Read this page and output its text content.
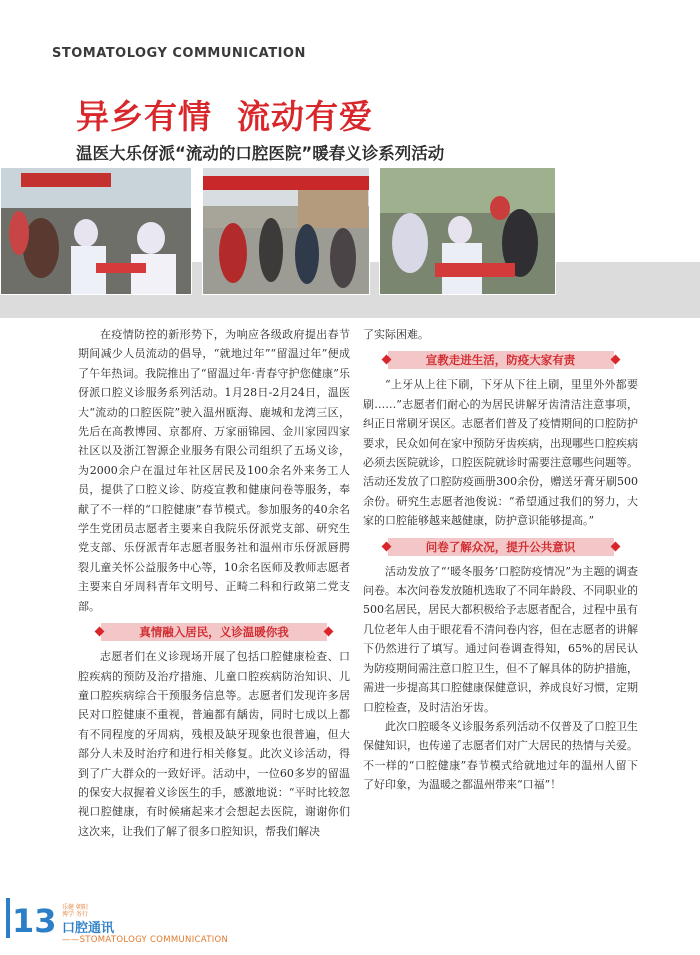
STOMATOLOGY COMMUNICATION
异乡有情  流动有爱
温医大乐伢派“流动的口腔医院”暖春义诊系列活动

在疫情防控的新形势下，为响应各级政府提出春节期间减少人员流动的倡导，“就地过年”“留温过年”便成了午年热词。我院推出了“留温过年·青春守护您健康”乐伢派口腔义诊服务系列活动。1月28日-2月24日，温医大“流动的口腔医院”驶入温州瓯海、鹿城和龙湾三区，先后在高教博园、京都府、万家丽锦园、金川家园四家社区以及浙江智源企业服务有限公司组织了五场义诊，为2000余户在温过年社区居民及100余名外来务工人员，提供了口腔义诊、防疫宣教和健康问卷等服务，奉献了不一样的“口腔健康”春节模式。参加服务的40余名学生党团员志愿者主要来自我院乐伢派党支部、研究生党支部、乐伢派青年志愿者服务社和温州市乐伢派唇腭裂儿童关怀公益服务中心等，10余名医师及教师志愿者主要来自牙周科青年文明号、正畸二科和行政第二党支部。

真情融入居民，义诊温暖你我

志愿者们在义诊现场开展了包括口腔健康检查、口腔疾病的预防及治疗措施、儿童口腔疾病防治知识、儿童口腔疾病综合干预服务信息等。志愿者们发现许多居民对口腔健康不重视，普遍都有龋齿，同时七成以上都有不同程度的牙周病，残根及缺牙现象也很普遍，但大部分人未及时治疗和进行相关修复。此次义诊活动，得到了广大群众的一致好评。活动中，一位60多岁的留温的保安大叔握着义诊医生的手，感激地说：“平时比较忽视口腔健康，有时候痛起来才会想起去医院，谢谢你们这次来，让我们了解了很多口腔知识，帮我们解决

了实际困难。

宣教走进生活，防疫大家有责

“上牙从上往下刷，下牙从下往上刷，里里外外都要刷……”志愿者们耐心的为居民讲解牙齿清洁注意事项，纠正日常刷牙误区。志愿者们普及了疫情期间的口腔防护要求，民众如何在家中预防牙齿疾病，出现哪些口腔疾病必须去医院就诊，口腔医院就诊时需要注意哪些问题等。活动还发放了口腔防疫画册300余份，赠送牙膏牙刷500余份。研究生志愿者池俊说：“希望通过我们的努力，大家的口腔能够越来越健康，防护意识能够提高。”

问卷了解众况，提升公共意识

活动发放了“‘暖冬服务’口腔防疫情况”为主题的调查问卷。本次问卷发放随机选取了不同年龄段、不同职业的500名居民，居民大都积极给予志愿者配合，过程中虽有几位老年人由于眼花看不清问卷内容，但在志愿者的讲解下仍然进行了填写。通过问卷调查得知，65%的居民认为防疫期间需注意口腔卫生，但不了解具体的防护措施，需进一步提高其口腔健康保健意识，养成良好习惯，定期口腔检查，及时洁治牙齿。

此次口腔暖冬义诊服务系列活动不仅普及了口腔卫生保健知识，也传递了志愿者们对广大居民的热情与关爱。不一样的“口腔健康”春节模式给就地过年的温州人留下了好印象，为温暖之都温州带来“口福”！

13 乐健 朝阳
博学 务行
口腔通讯
——STOMATOLOGY COMMUNICATION
